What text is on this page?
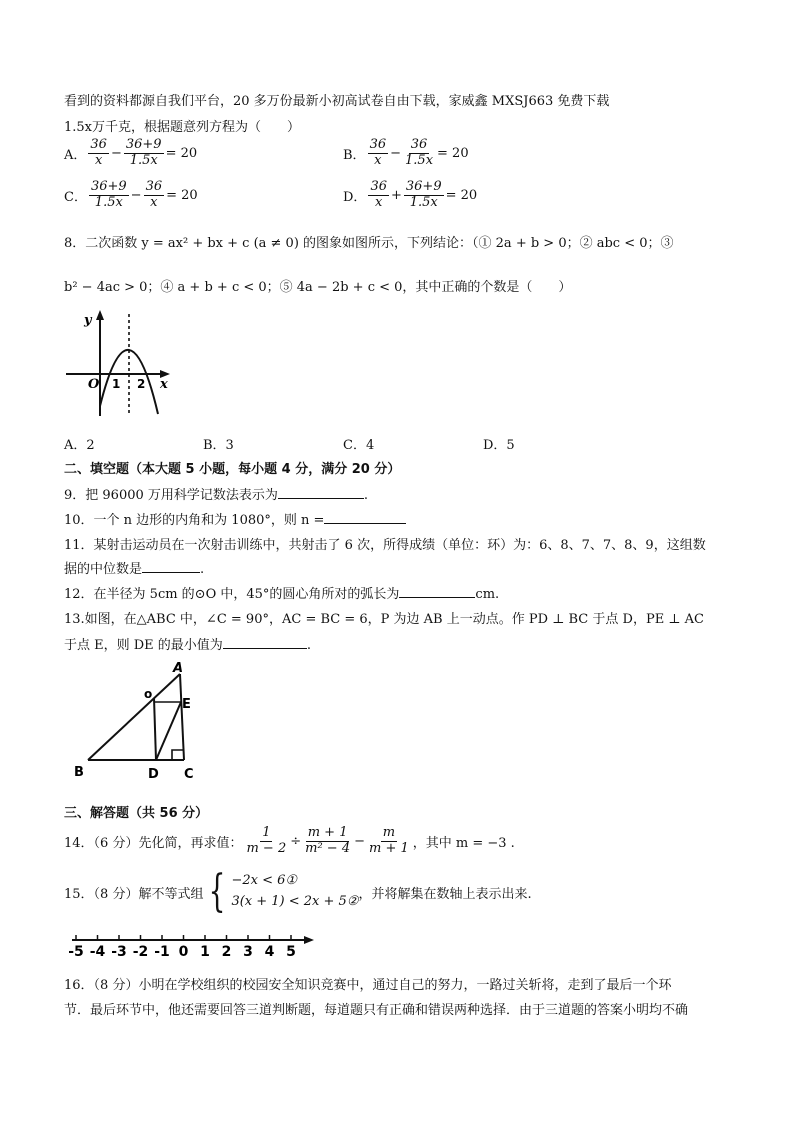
看到的资料都源自我们平台，20 多万份最新小初高试卷自由下载，家威鑫 MXSJ663 免费下载
1.5x万千克，根据题意列方程为（　　）
A． $\frac{36}{x} - \frac{36+9}{1.5x} = 20$	B． $\frac{36}{x} - \frac{36}{1.5x} = 20$
C． $\frac{36+9}{1.5x} - \frac{36}{x} = 20$	D． $\frac{36}{x} + \frac{36+9}{1.5x} = 20$
8．二次函数 y = ax² + bx + c (a ≠ 0) 的图象如图所示，下列结论：（① 2a + b > 0；② abc < 0；③
b² − 4ac > 0；④ a + b + c < 0；⑤ 4a − 2b + c < 0，其中正确的个数是（　　）
y
x
O 1 2
A．2	B．3	C．4	D．5
二、填空题（本大题 5 小题，每小题 4 分，满分 20 分）
9．把 96000 万用科学记数法表示为	.
10．一个 n 边形的内角和为 1080°，则 n =
11．某射击运动员在一次射击训练中，共射击了 6 次，所得成绩（单位：环）为：6、8、7、7、8、9，这组数
据的中位数是	.
12．在半径为 5cm 的⊙O 中，45°的圆心角所对的弧长为	cm.
13.如图，在△ABC 中，∠C = 90°，AC = BC = 6，P 为边 AB 上一动点。作 PD ⊥ BC 于点 D，PE ⊥ AC
于点 E，则 DE 的最小值为	.
A
B	C
D
E
o
三、解答题（共 56 分）
14．（6 分）先化简，再求值： $\frac{1}{m - 2} \div \frac{m + 1}{\text{m² − 4}} - \frac{m}{m + 1}$ ，其中 m = −3 .
15．（8 分）解不等式组 { −2x < 6①
3(x + 1) < 2x + 5② ，并将解集在数轴上表示出来.
-5 -4 -3 -2 -1 0 1 2 3 4 5
16．（8 分）小明在学校组织的校园安全知识竞赛中，通过自己的努力，一路过关斩将，走到了最后一个环
节．最后环节中，他还需要回答三道判断题，每道题只有正确和错误两种选择．由于三道题的答案小明均不确
